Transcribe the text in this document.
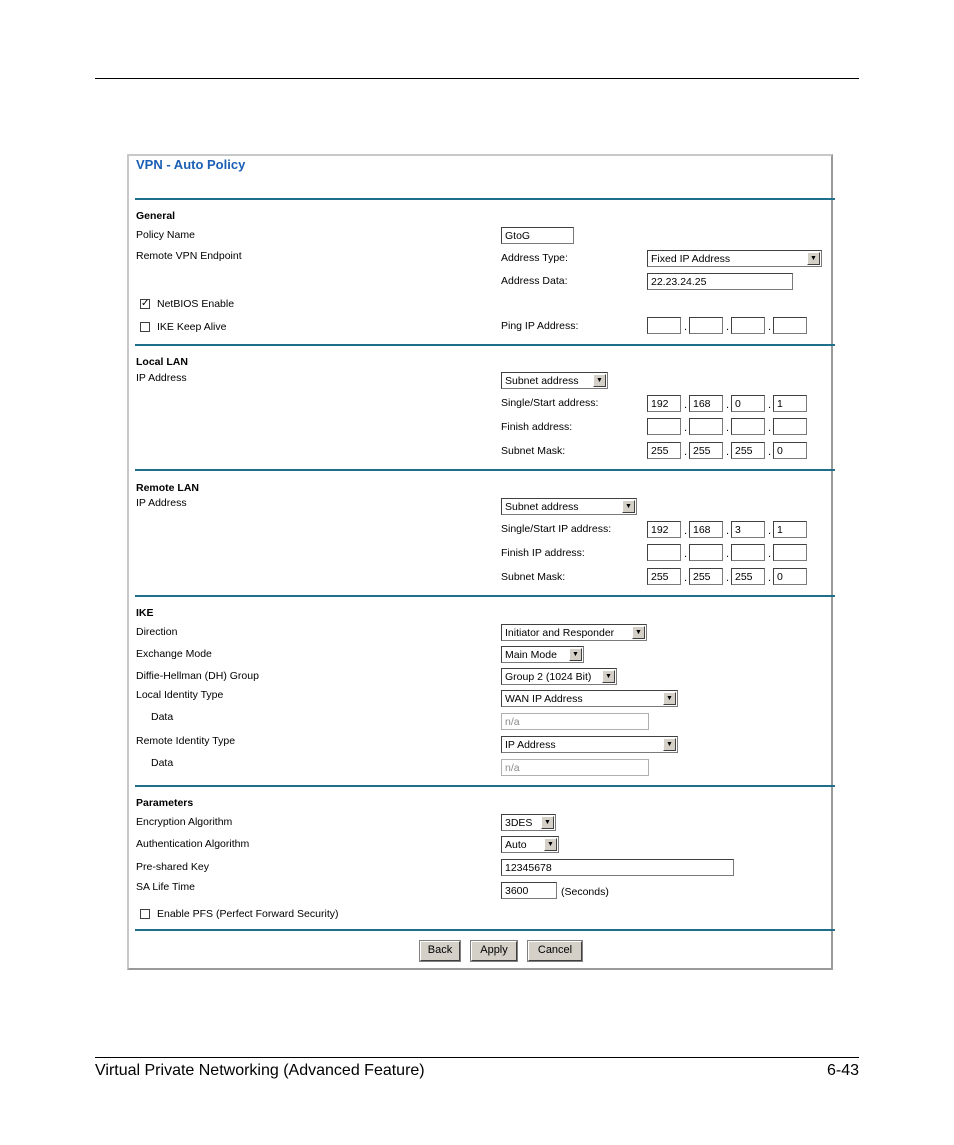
VPN - Auto Policy
General
Policy Name	GtoG
Remote VPN Endpoint	Address Type:	Fixed IP Address	▼
Address Data:	22.23.24.25
✓ NetBIOS Enable
IKE Keep Alive	Ping IP Address:	.	.	.
Local LAN
IP Address	Subnet address	▼
Single/Start address:	192	. 168	. 0	. 1
Finish address:	.	.	.
Subnet Mask:	255	. 255	. 255	. 0
Remote LAN
IP Address	Subnet address	▼
Single/Start IP address:	192	. 168	. 3	. 1
Finish IP address:	.	.	.
Subnet Mask:	255	. 255	. 255	. 0
IKE
Direction	Initiator and Responder	▼
Exchange Mode	Main Mode	▼
Diffie-Hellman (DH) Group	Group 2 (1024 Bit)	▼
Local Identity Type	WAN IP Address	▼
Data	n/a
Remote Identity Type	IP Address	▼
Data	n/a
Parameters
Encryption Algorithm	3DES	▼
Authentication Algorithm	Auto	▼
Pre-shared Key	12345678
SA Life Time	3600	(Seconds)
Enable PFS (Perfect Forward Security)
Back	Apply	Cancel
Virtual Private Networking (Advanced Feature)	6-43
